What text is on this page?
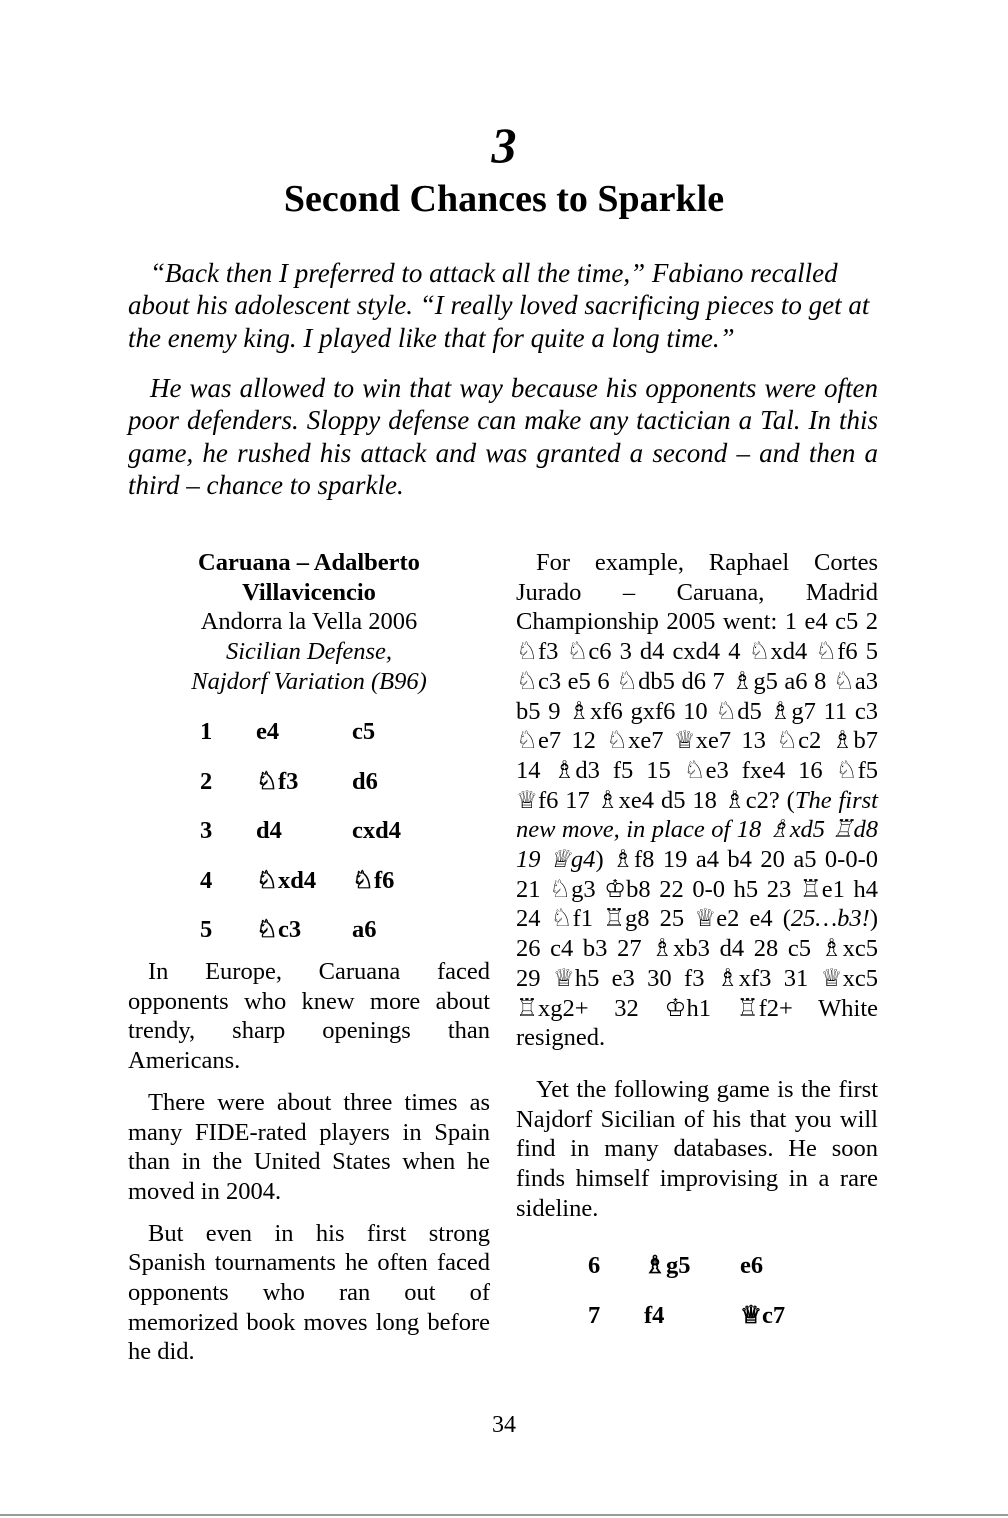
3
Second Chances to Sparkle

“Back then I preferred to attack all the time,” Fabiano recalled about his adolescent style. “I really loved sacrificing pieces to get at the enemy king. I played like that for quite a long time.”

He was allowed to win that way because his opponents were often poor defenders. Sloppy defense can make any tactician a Tal. In this game, he rushed his attack and was granted a second – and then a third – chance to sparkle.

Caruana – Adalberto
Villavicencio
Andorra la Vella 2006
Sicilian Defense,
Najdorf Variation (B96)
1	e4	c5
2	♘f3	d6
3	d4	cxd4
4	♘xd4	♘f6
5	♘c3	a6

In Europe, Caruana faced opponents who knew more about trendy, sharp openings than Americans.

There were about three times as many FIDE-rated players in Spain than in the United States when he moved in 2004.

But even in his first strong Spanish tournaments he often faced opponents who ran out of memorized book moves long before he did.

For example, Raphael Cortes Jurado – Caruana, Madrid Championship 2005 went: 1 e4 c5 2 ♘f3 ♘c6 3 d4 cxd4 4 ♘xd4 ♘f6 5 ♘c3 e5 6 ♘db5 d6 7 ♗g5 a6 8 ♘a3 b5 9 ♗xf6 gxf6 10 ♘d5 ♗g7 11 c3 ♘e7 12 ♘xe7 ♕xe7 13 ♘c2 ♗b7 14 ♗d3 f5 15 ♘e3 fxe4 16 ♘f5 ♕f6 17 ♗xe4 d5 18 ♗c2? (The first new move, in place of 18 ♗xd5 ♖d8 19 ♕g4) ♗f8 19 a4 b4 20 a5 0-0-0 21 ♘g3 ♔b8 22 0-0 h5 23 ♖e1 h4 24 ♘f1 ♖g8 25 ♕e2 e4 (25…b3!) 26 c4 b3 27 ♗xb3 d4 28 c5 ♗xc5 29 ♕h5 e3 30 f3 ♗xf3 31 ♕xc5 ♖xg2+ 32 ♔h1 ♖f2+ White resigned.

Yet the following game is the first Najdorf Sicilian of his that you will find in many databases. He soon finds himself improvising in a rare sideline.

6	♗g5	e6
7	f4	♕c7
34
